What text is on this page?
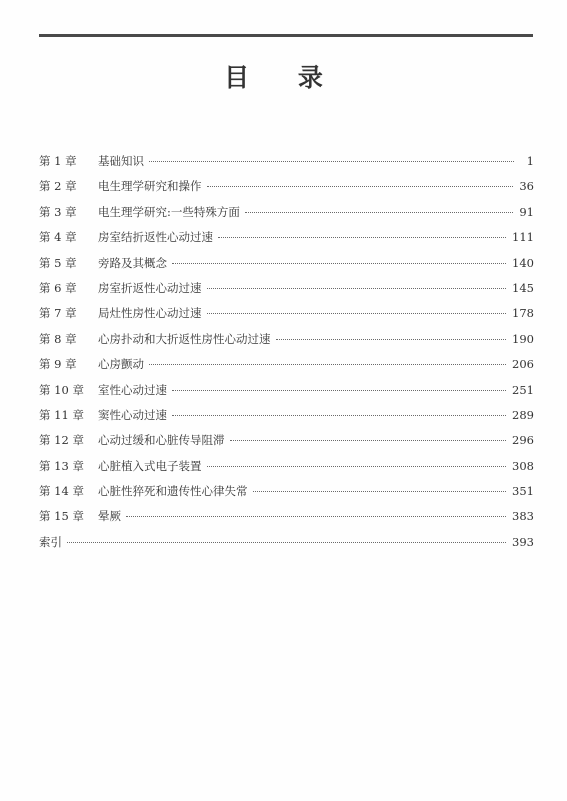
目 录
第 1 章	基础知识	1
第 2 章	电生理学研究和操作	36
第 3 章	电生理学研究:一些特殊方面	91
第 4 章	房室结折返性心动过速	111
第 5 章	旁路及其概念	140
第 6 章	房室折返性心动过速	145
第 7 章	局灶性房性心动过速	178
第 8 章	心房扑动和大折返性房性心动过速	190
第 9 章	心房颤动	206
第 10 章	室性心动过速	251
第 11 章	窦性心动过速	289
第 12 章	心动过缓和心脏传导阻滞	296
第 13 章	心脏植入式电子装置	308
第 14 章	心脏性猝死和遗传性心律失常	351
第 15 章	晕厥	383
索引	393
